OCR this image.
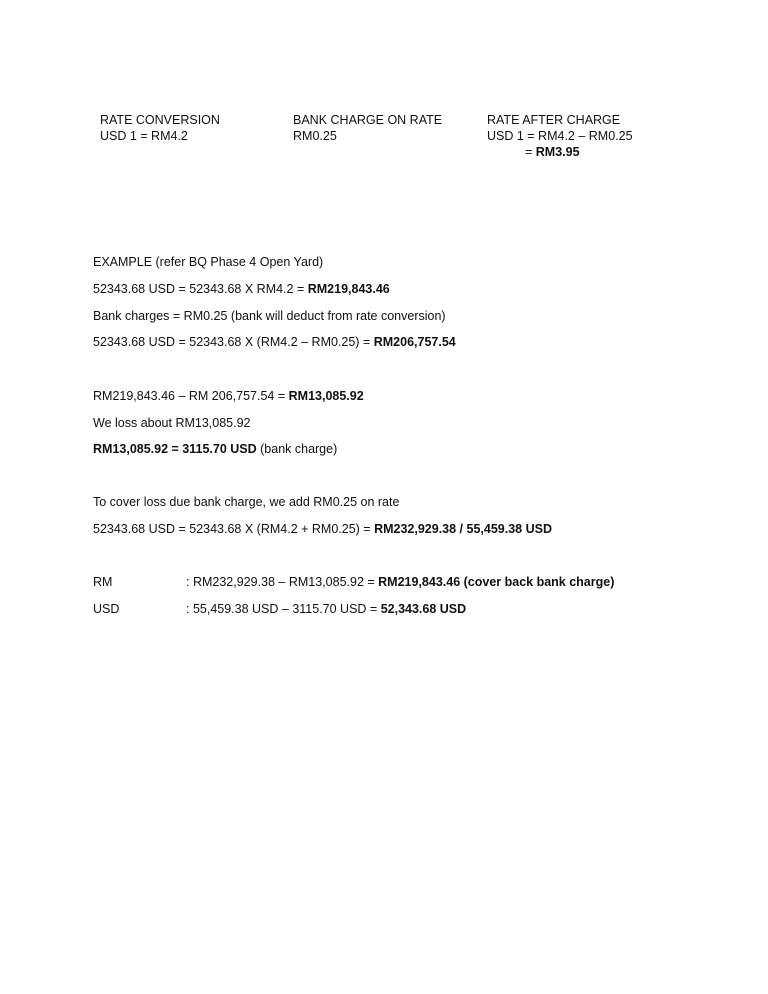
RATE CONVERSION
USD 1 = RM4.2
BANK CHARGE ON RATE
RM0.25
RATE AFTER CHARGE
USD 1 = RM4.2 – RM0.25
= RM3.95
EXAMPLE (refer BQ Phase 4 Open Yard)
52343.68 USD = 52343.68 X RM4.2 = RM219,843.46
Bank charges = RM0.25 (bank will deduct from rate conversion)
52343.68 USD = 52343.68 X (RM4.2 – RM0.25) = RM206,757.54
RM219,843.46 – RM 206,757.54 = RM13,085.92
We loss about RM13,085.92
RM13,085.92 = 3115.70 USD (bank charge)
To cover loss due bank charge, we add RM0.25 on rate
52343.68 USD = 52343.68 X (RM4.2 + RM0.25) = RM232,929.38 / 55,459.38 USD
RM	: RM232,929.38 – RM13,085.92 = RM219,843.46 (cover back bank charge)
USD	: 55,459.38 USD – 3115.70 USD = 52,343.68 USD
